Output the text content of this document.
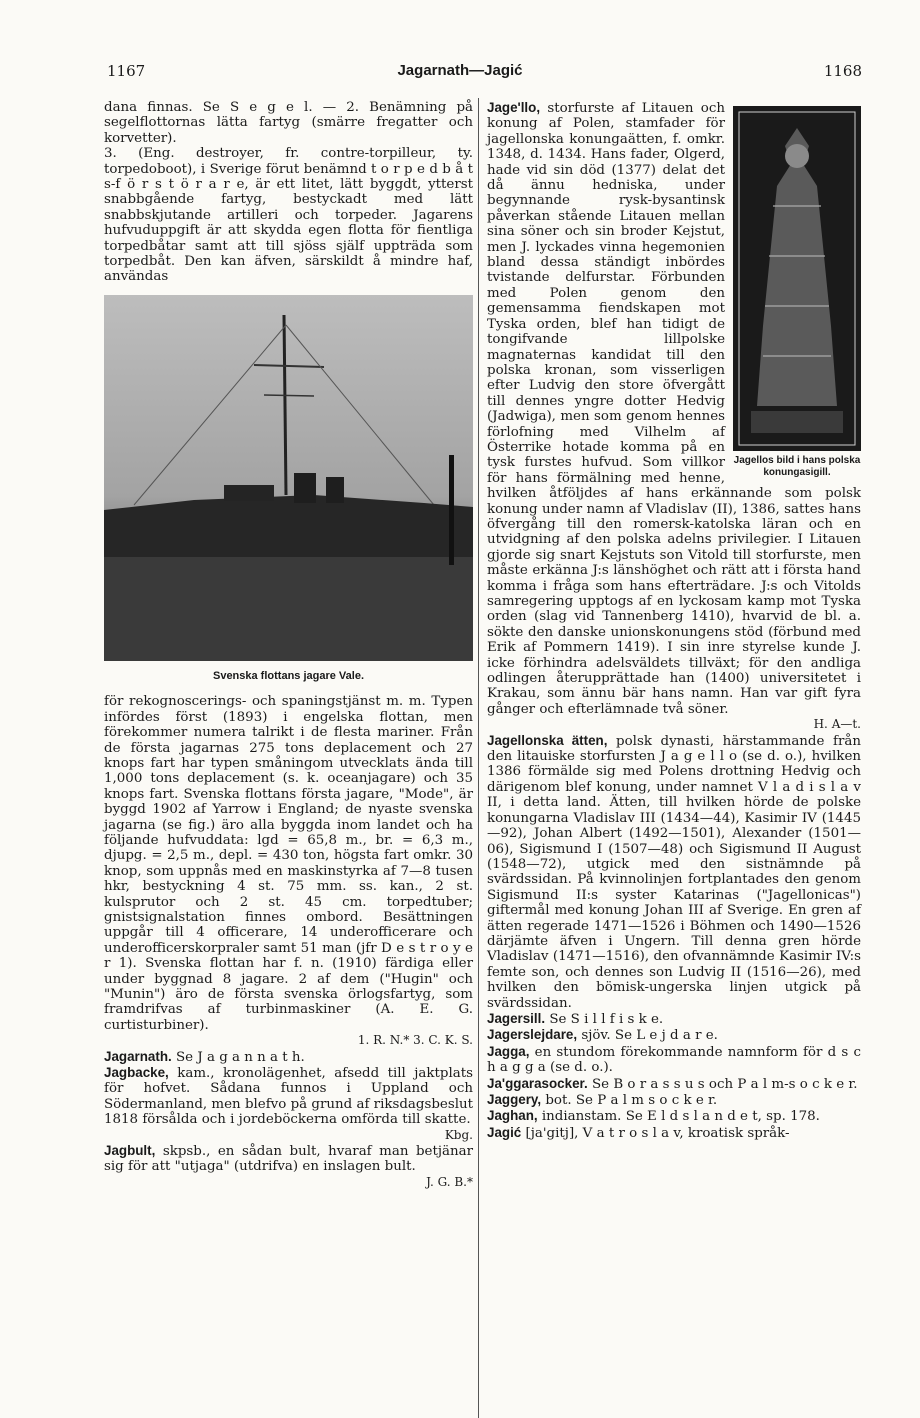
1167	Jagarnath—Jagić	1168

dana finnas. Se S e g e l. — 2. Benämning på segelflottornas lätta fartyg (smärre fregatter och korvetter).

3. (Eng. destroyer, fr. contre-torpilleur, ty. torpedoboot), i Sverige förut benämnd t o r p e d b å t s-f ö r s t ö r a r e, är ett litet, lätt byggdt, ytterst snabbgående fartyg, bestyckadt med lätt snabbskjutande artilleri och torpeder. Jagarens hufvuduppgift är att skydda egen flotta för fientliga torpedbåtar samt att till sjöss själf uppträda som torpedbåt. Den kan äfven, särskildt å mindre haf, användas

Svenska flottans jagare Vale.

för rekognoscerings- och spaningstjänst m. m. Typen infördes först (1893) i engelska flottan, men förekommer numera talrikt i de flesta mariner. Från de första jagarnas 275 tons deplacement och 27 knops fart har typen småningom utvecklats ända till 1,000 tons deplacement (s. k. oceanjagare) och 35 knops fart. Svenska flottans första jagare, "Mode", är byggd 1902 af Yarrow i England; de nyaste svenska jagarna (se fig.) äro alla byggda inom landet och ha följande hufvuddata: lgd = 65,8 m., br. = 6,3 m., djupg. = 2,5 m., depl. = 430 ton, högsta fart omkr. 30 knop, som uppnås med en maskinstyrka af 7—8 tusen hkr, bestyckning 4 st. 75 mm. ss. kan., 2 st. kulsprutor och 2 st. 45 cm. torpedtuber; gnistsignalstation finnes ombord. Besättningen uppgår till 4 officerare, 14 underofficerare och underofficerskorpraler samt 51 man (jfr D e s t r o y e r 1). Svenska flottan har f. n. (1910) färdiga eller under byggnad 8 jagare. 2 af dem ("Hugin" och "Munin") äro de första svenska örlogsfartyg, som framdrifvas af turbinmaskiner (A. E. G. curtisturbiner).

1. R. N.* 3. C. K. S.

Jagarnath. Se J a g a n n a t h.

Jagbacke, kam., kronolägenhet, afsedd till jaktplats för hofvet. Sådana funnos i Uppland och Södermanland, men blefvo på grund af riksdagsbeslut 1818 försålda och i jordeböckerna omförda till skatte.

Kbg.

Jagbult, skpsb., en sådan bult, hvaraf man betjänar sig för att "utjaga" (utdrifva) en inslagen bult.

J. G. B.*

Jagellos bild i hans polska konungasigill.

Jage'llo, storfurste af Litauen och konung af Polen, stamfader för jagellonska konungaätten, f. omkr. 1348, d. 1434. Hans fader, Olgerd, hade vid sin död (1377) delat det då ännu hedniska, under begynnande rysk-bysantinsk påverkan stående Litauen mellan sina söner och sin broder Kejstut, men J. lyckades vinna hegemonien bland dessa ständigt inbördes tvistande delfurstar. Förbunden med Polen genom den gemensamma fiendskapen mot Tyska orden, blef han tidigt de tongifvande lillpolske magnaternas kandidat till den polska kronan, som visserligen efter Ludvig den store öfvergått till dennes yngre dotter Hedvig (Jadwiga), men som genom hennes förlofning med Vilhelm af Österrike hotade komma på en tysk furstes hufvud. Som villkor för hans förmälning med henne, hvilken åtföljdes af hans erkännande som polsk konung under namn af Vladislav (II), 1386, sattes hans öfvergång till den romersk-katolska läran och en utvidgning af den polska adelns privilegier. I Litauen gjorde sig snart Kejstuts son Vitold till storfurste, men måste erkänna J:s länshöghet och rätt att i första hand komma i fråga som hans efterträdare. J:s och Vitolds samregering upptogs af en lyckosam kamp mot Tyska orden (slag vid Tannenberg 1410), hvarvid de bl. a. sökte den danske unionskonungens stöd (förbund med Erik af Pommern 1419). I sin inre styrelse kunde J. icke förhindra adelsväldets tillväxt; för den andliga odlingen återupprättade han (1400) universitetet i Krakau, som ännu bär hans namn. Han var gift fyra gånger och efterlämnade två söner.

H. A—t.

Jagellonska ätten, polsk dynasti, härstammande från den litauiske storfursten J a g e l l o (se d. o.), hvilken 1386 förmälde sig med Polens drottning Hedvig och därigenom blef konung, under namnet V l a d i s l a v II, i detta land. Ätten, till hvilken hörde de polske konungarna Vladislav III (1434—44), Kasimir IV (1445—92), Johan Albert (1492—1501), Alexander (1501—06), Sigismund I (1507—48) och Sigismund II August (1548—72), utgick med den sistnämnde på svärdssidan. På kvinnolinjen fortplantades den genom Sigismund II:s syster Katarinas ("Jagellonicas") giftermål med konung Johan III af Sverige. En gren af ätten regerade 1471—1526 i Böhmen och 1490—1526 därjämte äfven i Ungern. Till denna gren hörde Vladislav (1471—1516), den ofvannämnde Kasimir IV:s femte son, och dennes son Ludvig II (1516—26), med hvilken den bömisk-ungerska linjen utgick på svärdssidan.

Jagersill. Se S i l l f i s k e.

Jagerslejdare, sjöv. Se L e j d a r e.

Jagga, en stundom förekommande namnform för d s c h a g g a (se d. o.).

Ja'ggarasocker. Se B o r a s s u s och P a l m-s o c k e r.

Jaggery, bot. Se P a l m s o c k e r.

Jaghan, indianstam. Se E l d s l a n d e t, sp. 178.

Jagić [ja'gitj], V a t r o s l a v, kroatisk språk-
